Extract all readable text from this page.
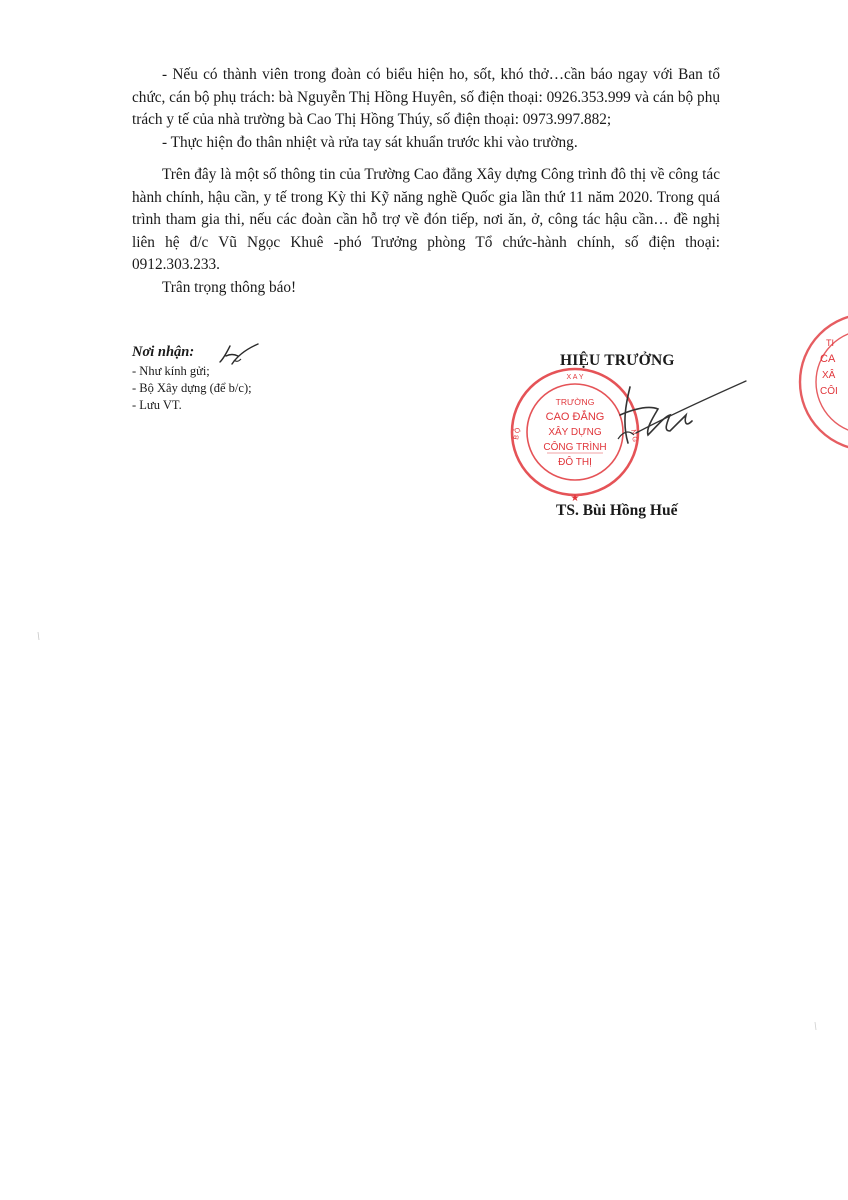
- Nếu có thành viên trong đoàn có biểu hiện ho, sốt, khó thở…cần báo ngay với Ban tổ chức, cán bộ phụ trách: bà Nguyễn Thị Hồng Huyên, số điện thoại: 0926.353.999 và cán bộ phụ trách y tế của nhà trường bà Cao Thị Hồng Thúy, số điện thoại: 0973.997.882;

- Thực hiện đo thân nhiệt và rửa tay sát khuẩn trước khi vào trường.

Trên đây là một số thông tin của Trường Cao đẳng Xây dựng Công trình đô thị về công tác hành chính, hậu cần, y tế trong Kỳ thi Kỹ năng nghề Quốc gia lần thứ 11 năm 2020. Trong quá trình tham gia thi, nếu các đoàn cần hỗ trợ về đón tiếp, nơi ăn, ở, công tác hậu cần… đề nghị liên hệ đ/c Vũ Ngọc Khuê -phó Trưởng phòng Tổ chức-hành chính, số điện thoại: 0912.303.233.

Trân trọng thông báo!

Nơi nhận:
- Như kính gửi;
- Bộ Xây dựng (để b/c);
- Lưu VT.
X A Y
B Ộ	N G
★
TRƯỜNG
CAO ĐẲNG
XÂY DỰNG
CÔNG TRÌNH
ĐÔ THỊ
HIỆU TRƯỞNG
TS. Bùi Hồng Huế
TI
CA
XÂ
CÔI
